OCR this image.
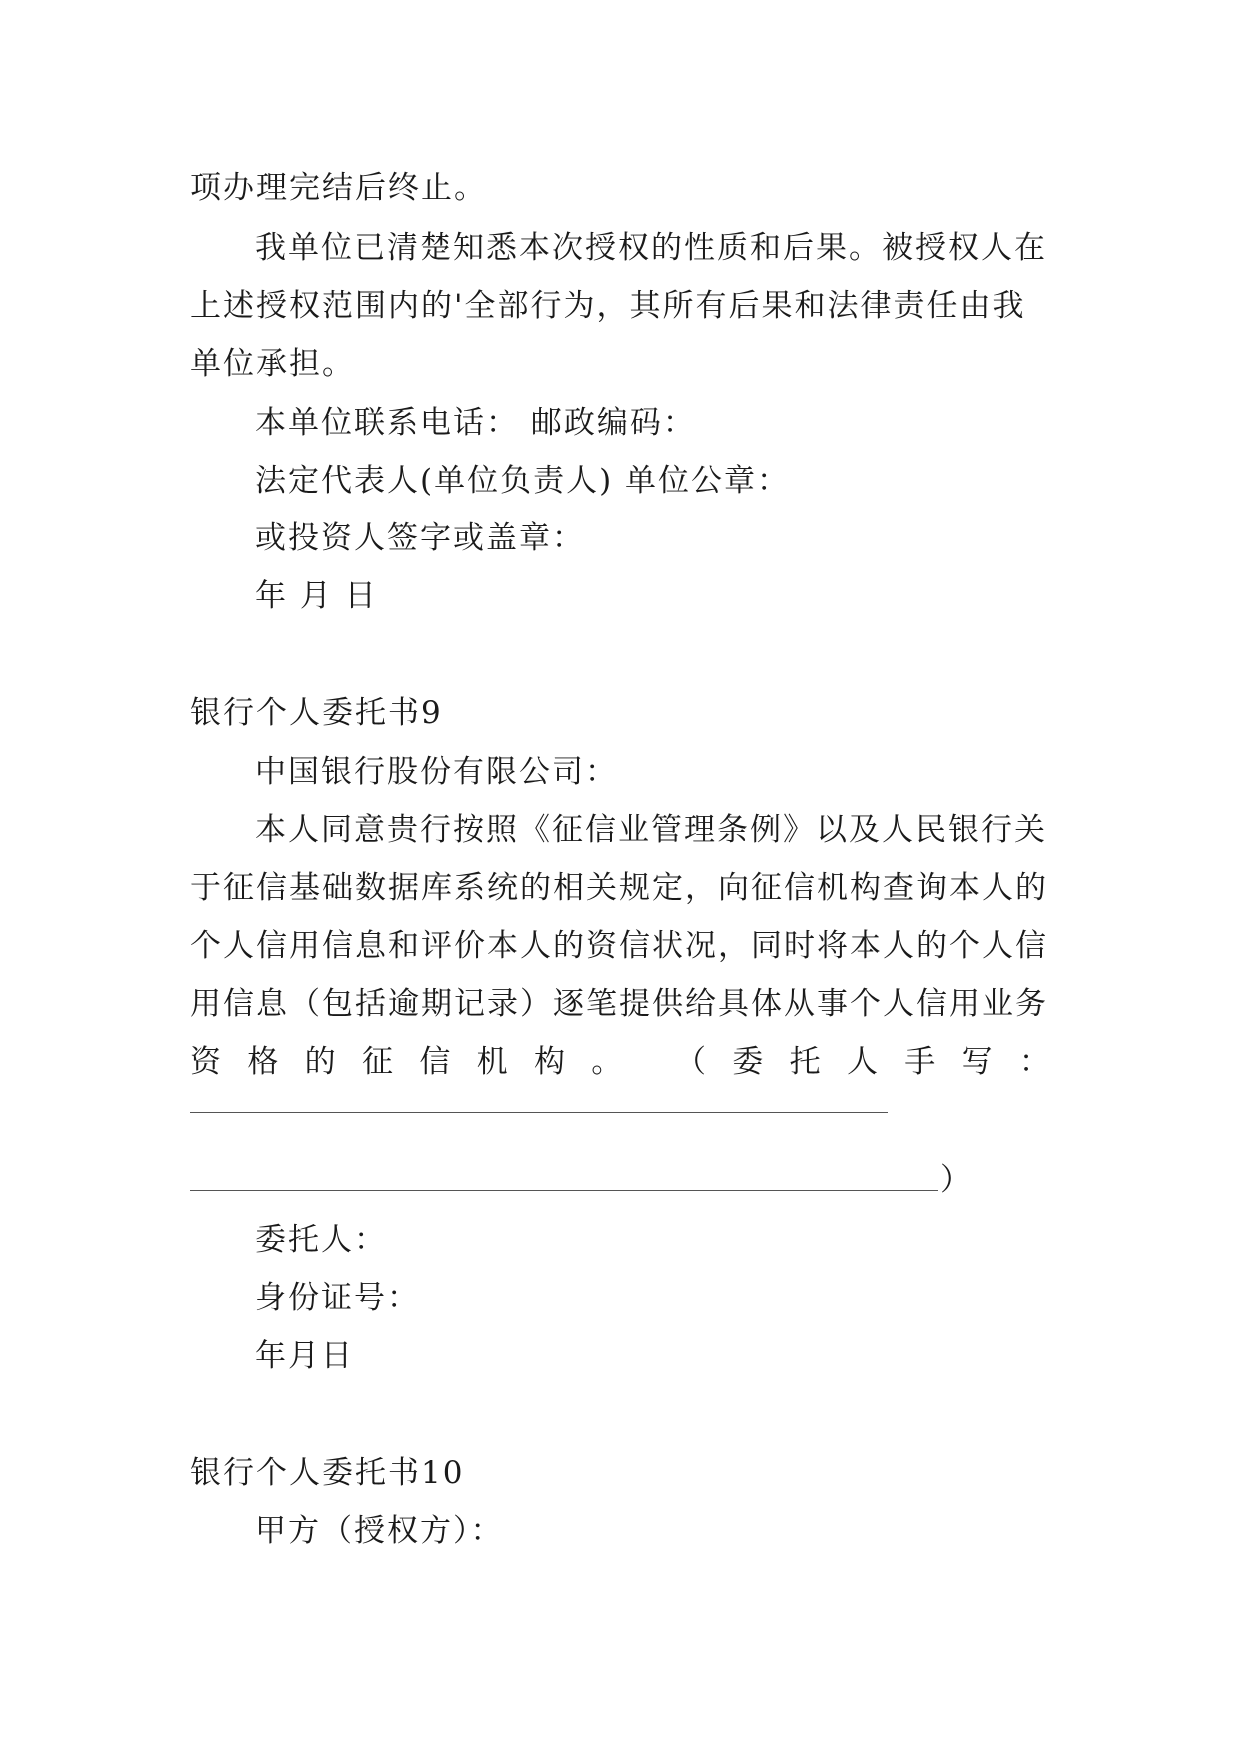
项办理完结后终止。
我单位已清楚知悉本次授权的性质和后果。被授权人在
上述授权范围内的'全部行为，其所有后果和法律责任由我
单位承担。
本单位联系电话： 邮政编码：
法定代表人(单位负责人) 单位公章：
或投资人签字或盖章：
年 月 日
银行个人委托书9
中国银行股份有限公司：
本人同意贵行按照《征信业管理条例》以及人民银行关
于征信基础数据库系统的相关规定，向征信机构查询本人的
个人信用信息和评价本人的资信状况，同时将本人的个人信
用信息（包括逾期记录）逐笔提供给具体从事个人信用业务
资 格 的 征 信 机 构 。 （ 委 托 人 手 写 ：
）
委托人：
身份证号：
年月日
银行个人委托书10
甲方（授权方）：
